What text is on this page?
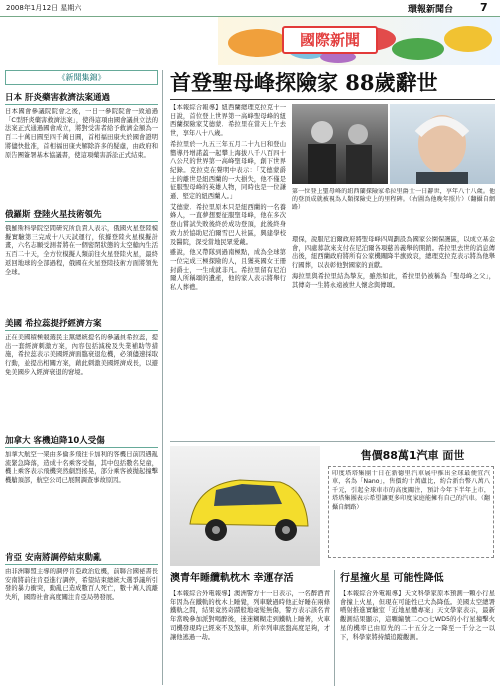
2008年1月12日 星期六	環報新聞台 7
國際新聞
《新聞集錦》
日本 肝炎藥害救濟法案通過
日本國會參議院院會之後，一日一參院院會一致通過「C型肝炎藥害救濟法案」，使得這項由國會議員立法的法案正式通過國會成立，將對受害者給予救濟金額為一百二十萬日圓至四千萬日圓，首相福田康夫於國會證明將儘快批准，首相福田康夫解除許多的疑慮，由政府和原告團簽署基本協議書，使這項藥害訴訟正式結束。
俄羅斯 登陸火星技術領先
俄羅斯科學院空間研究所負責人表示，俄國火星登陸模擬實驗第三完成十八天試運行，依據登陸火星模擬計畫，六名志願受測者將在一個密閉狀態的太空艙內生活五百二十天，全方位模擬人類前往火星登陸火星，最終返回地球的全部過程，俄國在火星登陸技術方面將領先全球。
美國 希拉蕊提抒經濟方案
正在美國積極競選民主黨總統提名的參議員希拉蕊，提出一套經濟刺激方案，內容包括減稅及失業補助等措施，希拉蕊表示美國經濟面臨衰退危機，必須儘速採取行動，並提出相關方案，藉此刺激美國經濟成長，以避免美國步入經濟衰退的窘境。
加拿大 客機迫降10人受傷
加拿大航空一架由多倫多飛往卡加利的客機日前因遇亂流緊急降落，造成十名乘客受傷，其中包括數名兒童，機上乘客表示飛機突然劇烈搖晃，部分乘客被拋起撞擊機艙頂部，航空公司已展開調查事故原因。
肯亞 安南將調停結束動亂
由非洲聯盟主導的調停肯亞政治危機，前聯合國祕書長安南將前往肯亞進行調停，希望結束總統大選爭議所引發的暴力衝突，動亂已造成數百人死亡，數十萬人流離失所，國際社會高度關注肯亞局勢發展。
首登聖母峰探險家 88歲辭世

【本報綜合報導】紐西蘭總理克拉克十一日說，首位登上世界第一高峰聖母峰的紐西蘭探險家艾德蒙．希拉里在當天上午去世，享年八十八歲。

希拉里於一九五三年五月二十九日和登山嚮導丹增諾蓋一起攀上海拔八千八百四十八公尺的世界第一高峰聖母峰，創下世界紀錄。克拉克在聲明中表示：「艾德蒙爵士的離世是紐西蘭的一大損失，他不僅是征服聖母峰的英雄人物，同時也是一位謙遜、堅定的紐西蘭人。」

艾德蒙．希拉里原本只是紐西蘭的一名養蜂人，一直夢想要征服聖母峰，他在多次登山嘗試失敗後終於成功登頂，此後終身致力於協助尼泊爾雪巴人社區，興建學校及醫院，深受當地民眾愛戴。

雖說，他又帶隊到過南極點，成為全球第一位完成三極探險的人，且獲英國女王冊封爵士，一生成就非凡。希拉里留有尼泊爾人所稱頌的遺產，他的家人表示將舉行私人葬禮。

第一位登上聖母峰的紐西蘭探險家希拉里爵士一日辭世，享年八十八歲。他的登頂成就被視為人類探險史上的里程碑。（右圖為他晚年照片）（翻攝自網路）

環保，說服尼泊爾政府將聖母峰四周劃設為國家公園保護區，以成立基金會，四處募款來支付在尼泊爾各項慈善義舉的開銷。希拉里去世的消息傳出後，紐西蘭政府將所有公家機關降半旗致哀，總理克拉克表示將為他舉行國葬，以表彰他對國家的貢獻。

海拉里與希拉里結為摯友，雖然如此，希拉里仍被稱為「聖母峰之父」，其傳奇一生將永遠被世人懷念與傳頌。

售價88萬1汽車 面世
印度塔塔集團十日在新德里汽車展中推出全球最便宜汽車，名為「Nano」，售價約十萬盧比，約合新台幣八萬八千元，引起全球車市的高度關注，預計今年下半年上市，塔塔集團表示希望讓更多印度家庭能擁有自己的汽車。（翻攝自網路）
澳青年睡纜軌枕木 幸運存活
【本報綜合外電報導】澳洲警方十一日表示，一名醉酒青年因為在鐵軌的枕木上睡覺，列車駛過時他正好睡在兩條鐵軌之間，結果竟然奇蹟般地毫髮無傷，警方表示該名青年當晚參加派對喝醉後，迷迷糊糊走到鐵軌上睡著，火車司機發現時已經來不及煞車，所幸列車底盤高度足夠，才讓他逃過一劫。
行星撞火星 可能性降低
【本報綜合外電報導】天文科學家原本預測一顆小行星會撞上火星，但現在可能性已大為降低。美國太空總署噴射推進實驗室「近地星體專案」天文學家表示，最新觀測結果顯示，這顆編號二○○七WD5的小行星撞擊火星的機率已由原先的二十五分之一降至一千分之一以下，科學家將持續追蹤觀測。
